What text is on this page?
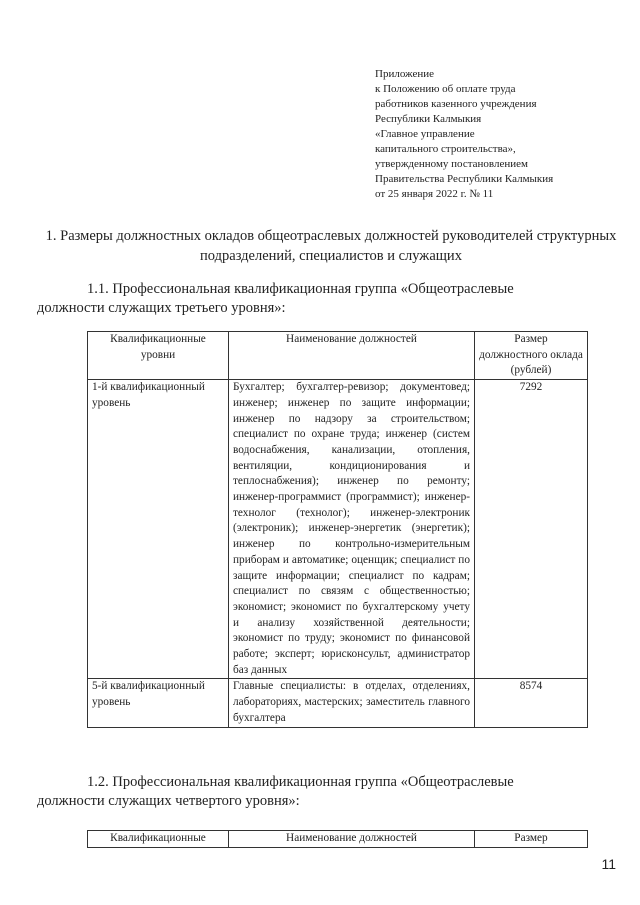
Приложение
к Положению об оплате труда
работников казенного учреждения
Республики Калмыкия
«Главное управление
капитального строительства»,
утвержденному постановлением
Правительства Республики Калмыкия
от 25 января 2022 г. № 11
1. Размеры должностных окладов общеотраслевых должностей руководителей структурных подразделений, специалистов и служащих
1.1. Профессиональная квалификационная группа «Общеотраслевые
должности служащих третьего уровня»:
Квалификационные уровни	Наименование должностей	Размер должностного оклада (рублей)
1-й квалификационный уровень	Бухгалтер; бухгалтер-ревизор; документовед; инженер; инженер по защите информации; инженер по надзору за строительством; специалист по охране труда; инженер (систем водоснабжения, канализации, отопления, вентиляции, кондиционирования и теплоснабжения); инженер по ремонту; инженер-программист (программист); инженер-технолог (технолог); инженер-электроник (электроник); инженер-энергетик (энергетик); инженер по контрольно-измерительным приборам и автоматике; оценщик; специалист по защите информации; специалист по кадрам; специалист по связям с общественностью; экономист; экономист по бухгалтерскому учету и анализу хозяйственной деятельности; экономист по труду; экономист по финансовой работе; эксперт; юрисконсульт, администратор баз данных	7292
5-й квалификационный уровень	Главные специалисты: в отделах, отделениях, лабораториях, мастерских; заместитель главного бухгалтера	8574
1.2. Профессиональная квалификационная группа «Общеотраслевые
должности служащих четвертого уровня»:
Квалификационные	Наименование должностей	Размер
11
